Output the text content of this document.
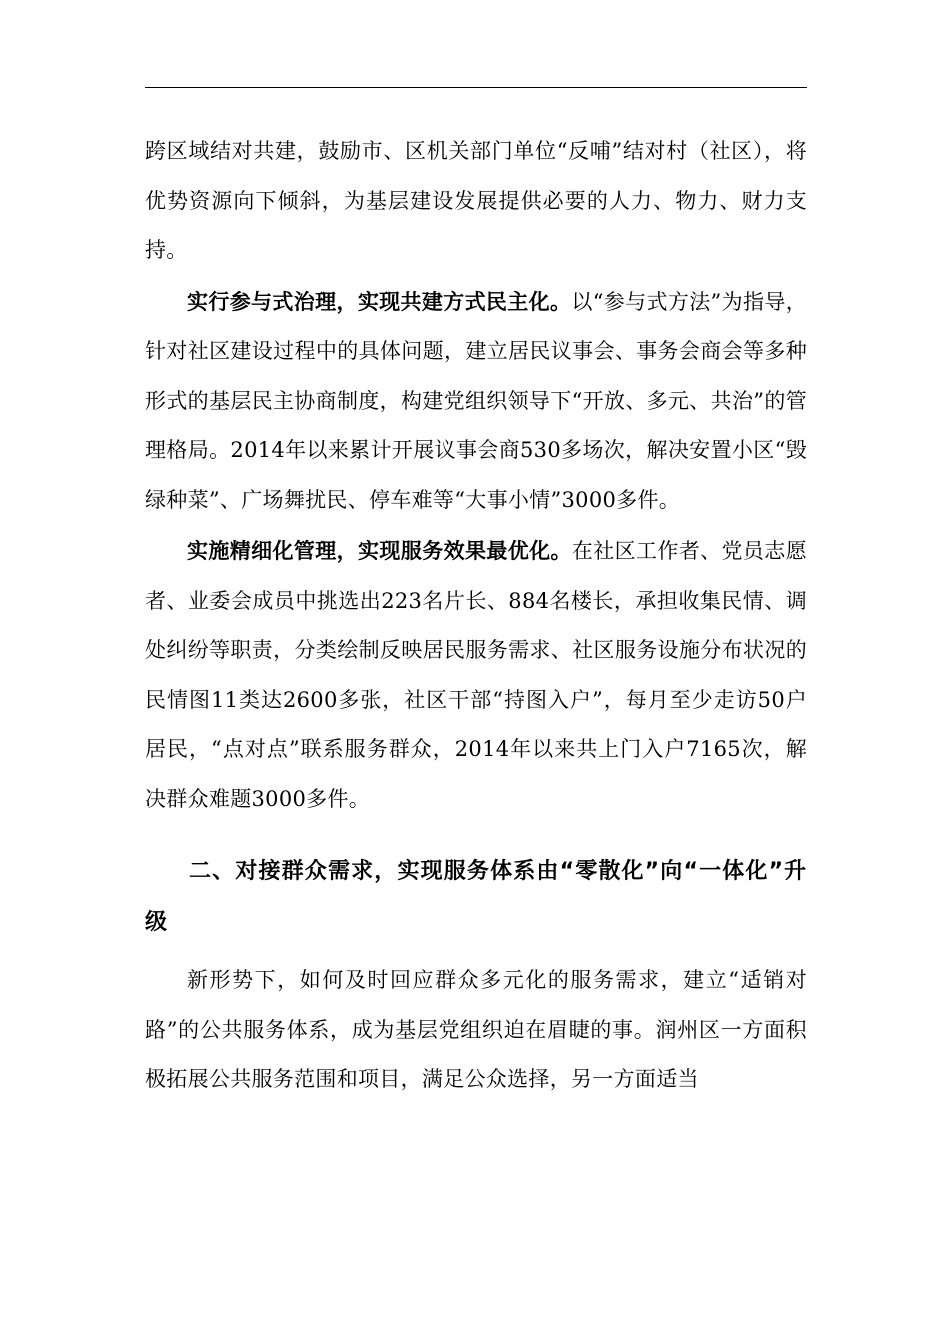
跨区域结对共建，鼓励市、区机关部门单位“反哺”结对村（社区），将优势资源向下倾斜，为基层建设发展提供必要的人力、物力、财力支持。

实行参与式治理，实现共建方式民主化。以“参与式方法”为指导，针对社区建设过程中的具体问题，建立居民议事会、事务会商会等多种形式的基层民主协商制度，构建党组织领导下“开放、多元、共治”的管理格局。2014年以来累计开展议事会商530多场次，解决安置小区“毁绿种菜”、广场舞扰民、停车难等“大事小情”3000多件。

实施精细化管理，实现服务效果最优化。在社区工作者、党员志愿者、业委会成员中挑选出223名片长、884名楼长，承担收集民情、调处纠纷等职责，分类绘制反映居民服务需求、社区服务设施分布状况的民情图11类达2600多张，社区干部“持图入户”，每月至少走访50户居民，“点对点”联系服务群众，2014年以来共上门入户7165次，解决群众难题3000多件。

二、对接群众需求，实现服务体系由“零散化”向“一体化”升级

新形势下，如何及时回应群众多元化的服务需求，建立“适销对路”的公共服务体系，成为基层党组织迫在眉睫的事。润州区一方面积极拓展公共服务范围和项目，满足公众选择，另一方面适当
